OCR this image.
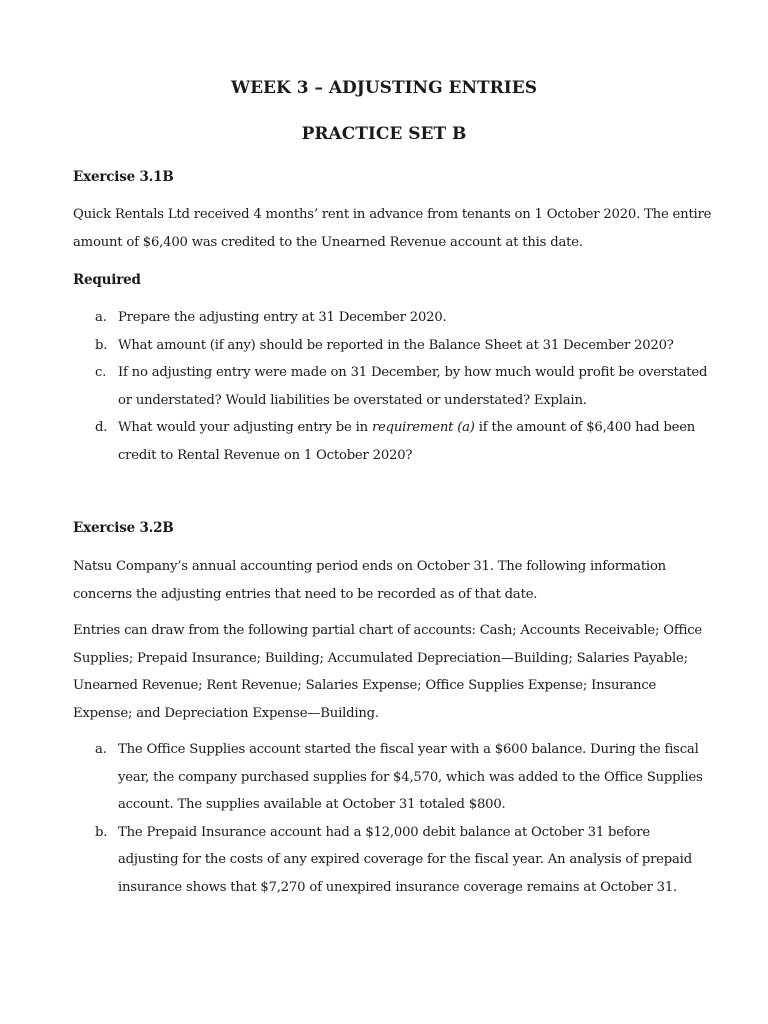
WEEK 3 – ADJUSTING ENTRIES
PRACTICE SET B
Exercise 3.1B

Quick Rentals Ltd received 4 months’ rent in advance from tenants on 1 October 2020. The entire amount of $6,400 was credited to the Unearned Revenue account at this date.

Required
a. Prepare the adjusting entry at 31 December 2020.
b. What amount (if any) should be reported in the Balance Sheet at 31 December 2020?
c. If no adjusting entry were made on 31 December, by how much would profit be overstated or understated? Would liabilities be overstated or understated? Explain.
d. What would your adjusting entry be in requirement (a) if the amount of $6,400 had been credit to Rental Revenue on 1 October 2020?
Exercise 3.2B

Natsu Company’s annual accounting period ends on October 31. The following information concerns the adjusting entries that need to be recorded as of that date.

Entries can draw from the following partial chart of accounts: Cash; Accounts Receivable; Office Supplies; Prepaid Insurance; Building; Accumulated Depreciation—Building; Salaries Payable; Unearned Revenue; Rent Revenue; Salaries Expense; Office Supplies Expense; Insurance Expense; and Depreciation Expense—Building.

a. The Office Supplies account started the fiscal year with a $600 balance. During the fiscal year, the company purchased supplies for $4,570, which was added to the Office Supplies account. The supplies available at October 31 totaled $800.
b. The Prepaid Insurance account had a $12,000 debit balance at October 31 before adjusting for the costs of any expired coverage for the fiscal year. An analysis of prepaid insurance shows that $7,270 of unexpired insurance coverage remains at October 31.
